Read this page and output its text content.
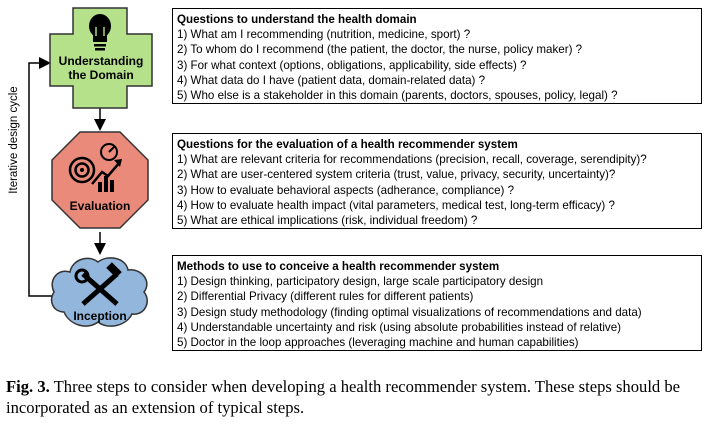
Understanding
the Domain
Evaluation
Inception
Iterative design cycle
Questions to understand the health domain
1) What am I recommending (nutrition, medicine, sport) ?
2) To whom do I recommend (the patient, the doctor, the nurse, policy maker) ?
3) For what context (options, obligations, applicability, side effects) ?
4) What data do I have (patient data, domain-related data) ?
5) Who else is a stakeholder in this domain (parents, doctors, spouses, policy, legal) ?
Questions for the evaluation of a health recommender system
1) What are relevant criteria for recommendations (precision, recall, coverage, serendipity)?
2) What are user-centered system criteria (trust, value, privacy, security, uncertainty)?
3) How to evaluate behavioral aspects (adherance, compliance) ?
4) How to evaluate health impact (vital parameters, medical test, long-term efficacy) ?
5) What are ethical implications (risk, individual freedom) ?
Methods to use to conceive a health recommender system
1) Design thinking, participatory design, large scale participatory design
2) Differential Privacy (different rules for different patients)
3) Design study methodology (finding optimal visualizations of recommendations and data)
4) Understandable uncertainty and risk (using absolute probabilities instead of relative)
5) Doctor in the loop approaches (leveraging machine and human capabilities)
Fig. 3. Three steps to consider when developing a health recommender system. These steps should be incorporated as an extension of typical steps.
